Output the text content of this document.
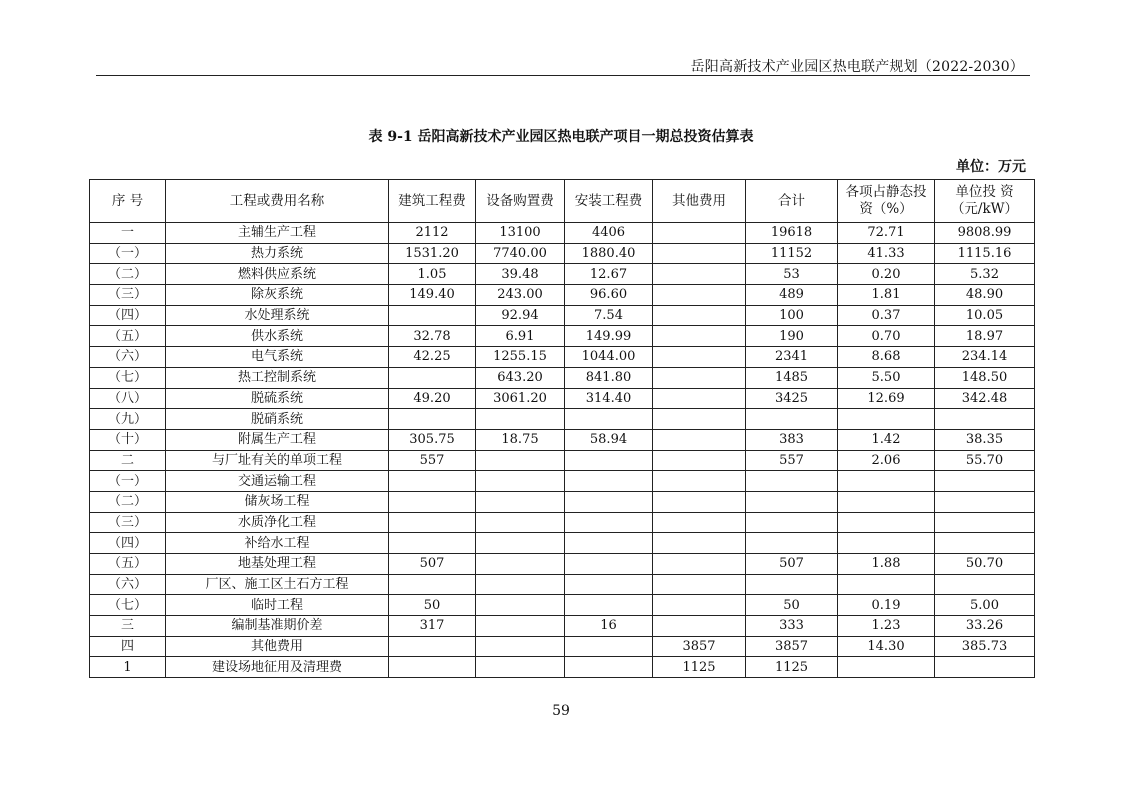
岳阳高新技术产业园区热电联产规划（2022-2030）
表 9-1 岳阳高新技术产业园区热电联产项目一期总投资估算表
单位：万元
序 号	工程或费用名称	建筑工程费	设备购置费	安装工程费	其他费用	合计	各项占静态投资（%）	单位投 资（元/kW）
一	主辅生产工程	2112	13100	4406		19618	72.71	9808.99
（一）	热力系统	1531.20	7740.00	1880.40		11152	41.33	1115.16
（二）	燃料供应系统	1.05	39.48	12.67		53	0.20	5.32
（三）	除灰系统	149.40	243.00	96.60		489	1.81	48.90
（四）	水处理系统		92.94	7.54		100	0.37	10.05
（五）	供水系统	32.78	6.91	149.99		190	0.70	18.97
（六）	电气系统	42.25	1255.15	1044.00		2341	8.68	234.14
（七）	热工控制系统		643.20	841.80		1485	5.50	148.50
（八）	脱硫系统	49.20	3061.20	314.40		3425	12.69	342.48
（九）	脱硝系统							
（十）	附属生产工程	305.75	18.75	58.94		383	1.42	38.35
二	与厂址有关的单项工程	557				557	2.06	55.70
（一）	交通运输工程							
（二）	储灰场工程							
（三）	水质净化工程							
（四）	补给水工程							
（五）	地基处理工程	507				507	1.88	50.70
（六）	厂区、施工区土石方工程							
（七）	临时工程	50				50	0.19	5.00
三	编制基准期价差	317		16		333	1.23	33.26
四	其他费用				3857	3857	14.30	385.73
1	建设场地征用及清理费				1125	1125		
59
